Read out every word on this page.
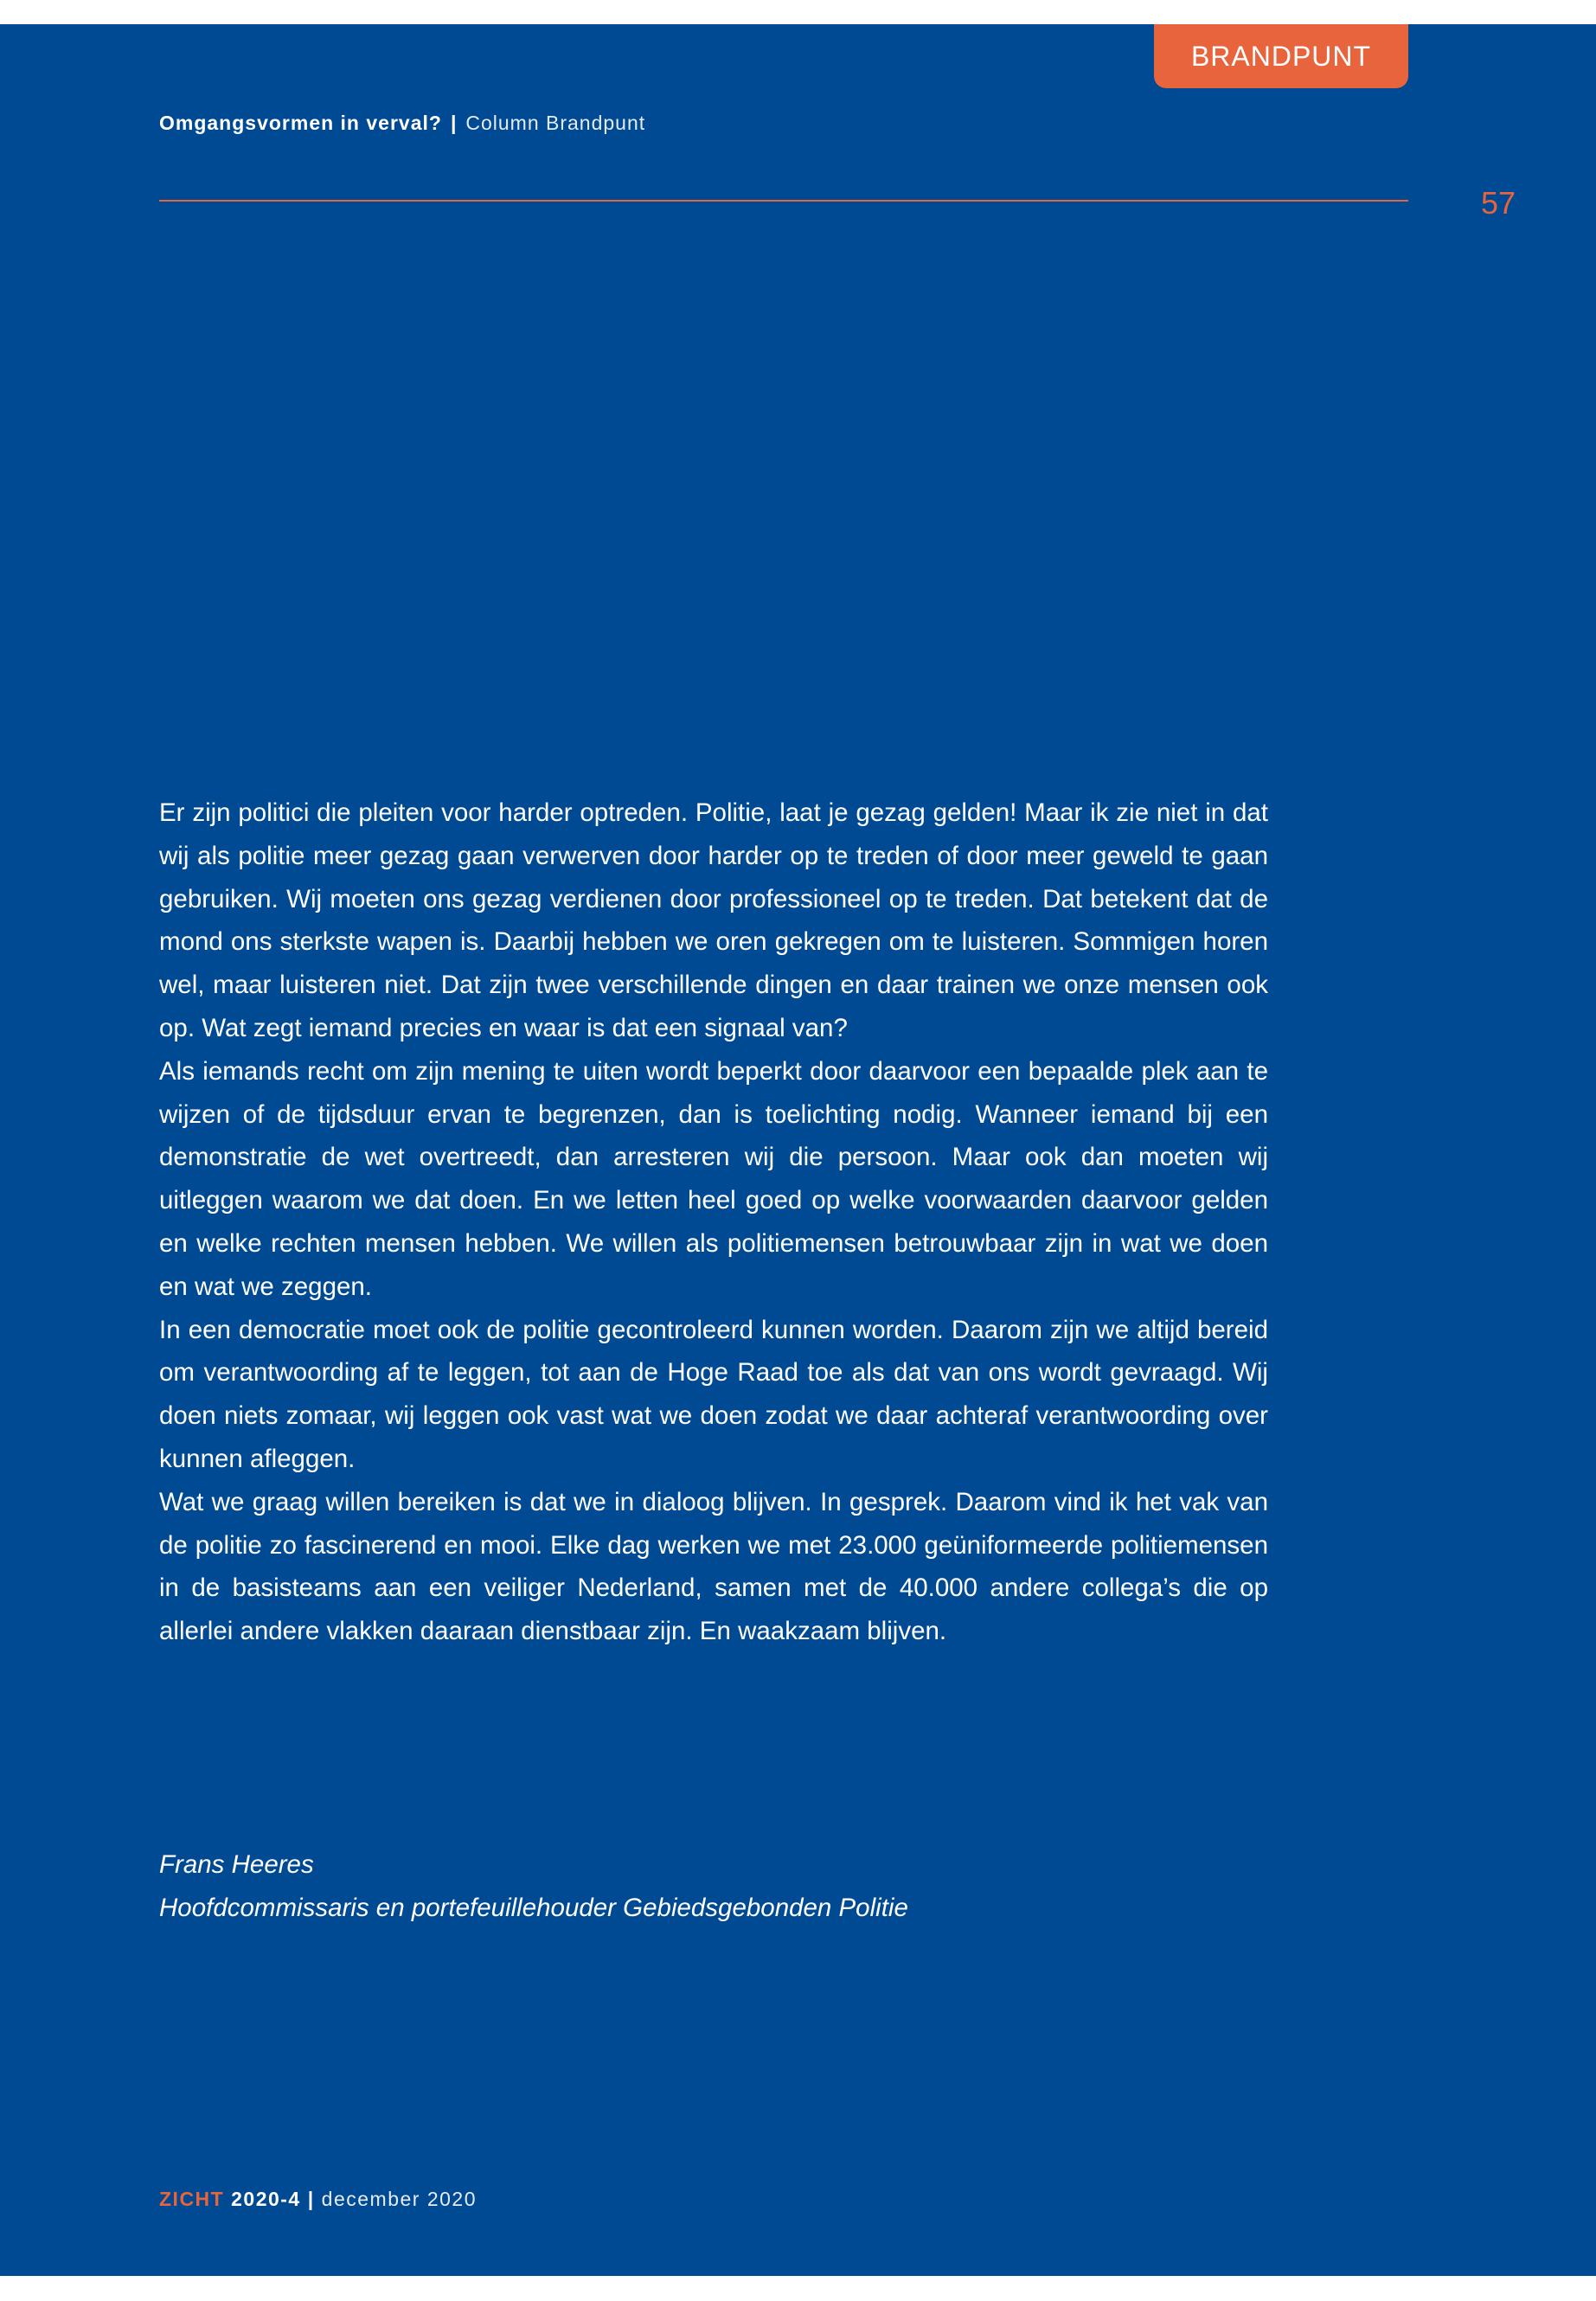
BRANDPUNT
Omgangsvormen in verval? | Column Brandpunt
57

Er zijn politici die pleiten voor harder optreden. Politie, laat je gezag gelden! Maar ik zie niet in dat wij als politie meer gezag gaan verwerven door harder op te treden of door meer geweld te gaan gebruiken. Wij moeten ons gezag verdienen door professioneel op te treden. Dat betekent dat de mond ons sterkste wapen is. Daarbij hebben we oren gekregen om te luisteren. Sommigen horen wel, maar luisteren niet. Dat zijn twee verschillende dingen en daar trainen we onze mensen ook op. Wat zegt iemand precies en waar is dat een signaal van?

Als iemands recht om zijn mening te uiten wordt beperkt door daarvoor een bepaalde plek aan te wijzen of de tijdsduur ervan te begrenzen, dan is toelichting nodig. Wanneer iemand bij een demonstratie de wet overtreedt, dan arresteren wij die persoon. Maar ook dan moeten wij uitleggen waarom we dat doen. En we letten heel goed op welke voorwaarden daarvoor gelden en welke rechten mensen hebben. We willen als politiemensen betrouwbaar zijn in wat we doen en wat we zeggen.

In een democratie moet ook de politie gecontroleerd kunnen worden. Daarom zijn we altijd bereid om verantwoording af te leggen, tot aan de Hoge Raad toe als dat van ons wordt gevraagd. Wij doen niets zomaar, wij leggen ook vast wat we doen zodat we daar achteraf verantwoording over kunnen afleggen.

Wat we graag willen bereiken is dat we in dialoog blijven. In gesprek. Daarom vind ik het vak van de politie zo fascinerend en mooi. Elke dag werken we met 23.000 geüniformeerde politiemensen in de basisteams aan een veiliger Nederland, samen met de 40.000 andere collega’s die op allerlei andere vlakken daaraan dienstbaar zijn. En waakzaam blijven.

Frans Heeres
Hoofdcommissaris en portefeuillehouder Gebiedsgebonden Politie
ZICHT 2020-4 | december 2020
